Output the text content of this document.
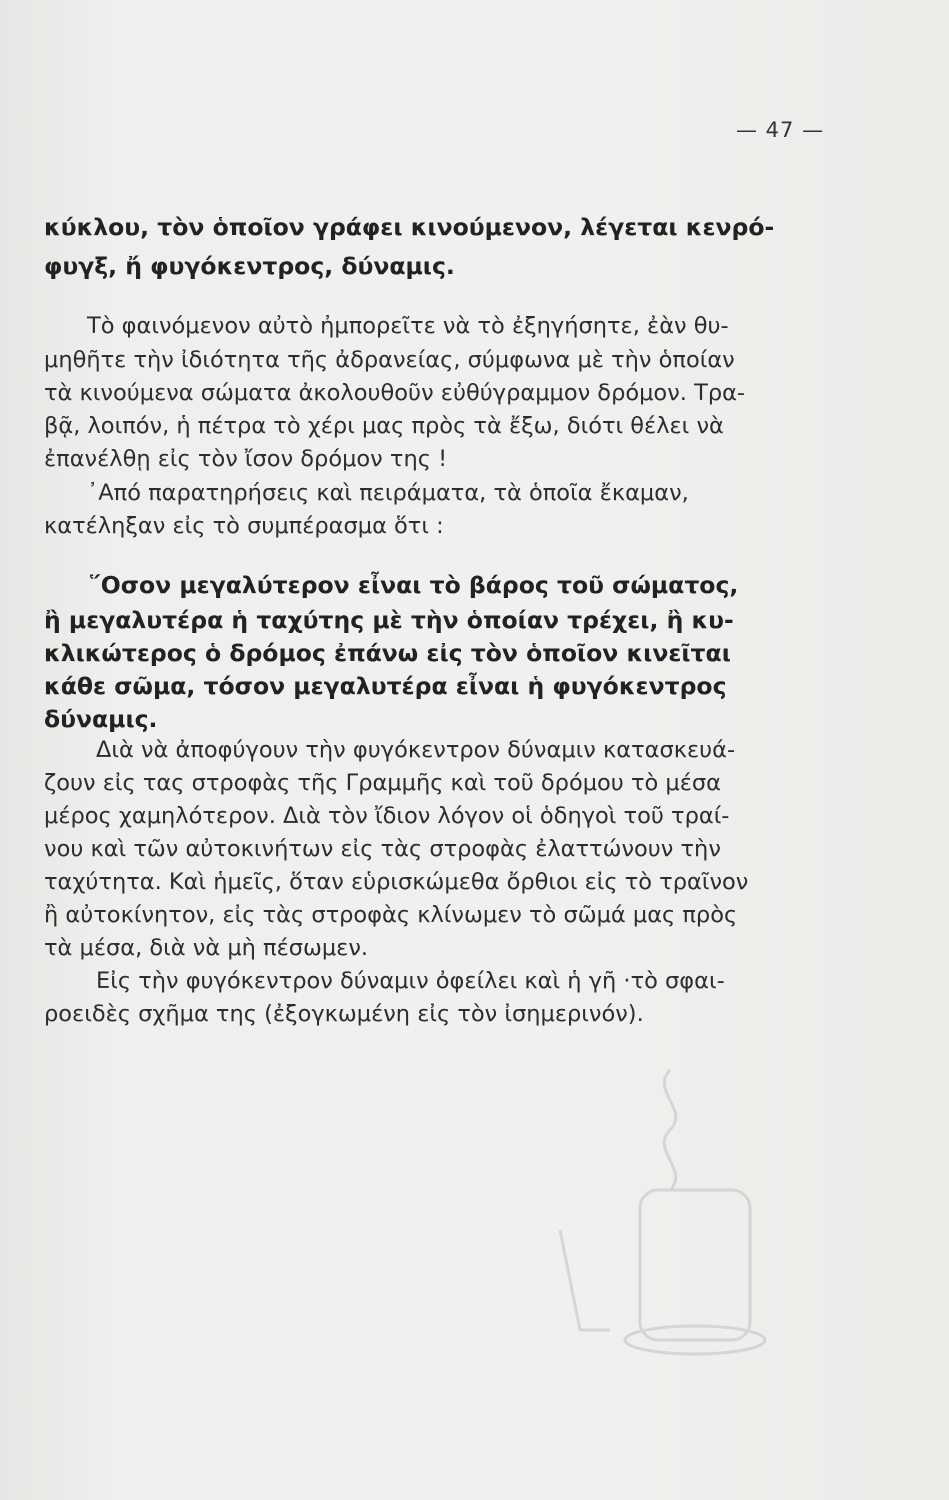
— 47 —
κύκλου, τὸν ὁποῖον γράφει κινούμενον, λέγεται κενρό-
φυγξ, ἤ φυγόκεντρος, δύναμις.
Τὸ φαινόμενον αὐτὸ ἠμπορεῖτε νὰ τὸ ἐξηγήσητε, ἐὰν θυ-
μηθῆτε τὴν ἰδιότητα τῆς ἀδρανείας, σύμφωνα μὲ τὴν ὁποίαν
τὰ κινούμενα σώματα ἀκολουθοῦν εὐθύγραμμον δρόμον. Τρα-
βᾷ, λοιπόν, ἡ πέτρα τὸ χέρι μας πρὸς τὰ ἔξω, διότι θέλει νὰ
ἐπανέλθῃ εἰς τὸν ἴσον δρόμον της !
᾿Από παρατηρήσεις καὶ πειράματα, τὰ ὁποῖα ἔκαμαν,
κατέληξαν εἰς τὸ συμπέρασμα ὅτι :
῞Οσον μεγαλύτερον εἶναι τὸ βάρος τοῦ σώματος,
ἢ μεγαλυτέρα ἡ ταχύτης μὲ τὴν ὁποίαν τρέχει, ἢ κυ-
κλικώτερος ὁ δρόμος ἐπάνω εἰς τὸν ὁποῖον κινεῖται
κάθε σῶμα, τόσον μεγαλυτέρα εἶναι ἡ φυγόκεντρος
δύναμις.
Διὰ νὰ ἀποφύγουν τὴν φυγόκεντρον δύναμιν κατασκευά-
ζουν εἰς τας στροφὰς τῆς Γραμμῆς καὶ τοῦ δρόμου τὸ μέσα
μέρος χαμηλότερον. Διὰ τὸν ἴδιον λόγον οἱ ὁδηγοὶ τοῦ τραί-
νου καὶ τῶν αὐτοκινήτων εἰς τὰς στροφὰς ἐλαττώνουν τὴν
ταχύτητα. Καὶ ἡμεῖς, ὅταν εὑρισκώμεθα ὄρθιοι εἰς τὸ τραῖνον
ἢ αὐτοκίνητον, εἰς τὰς στροφὰς κλίνωμεν τὸ σῶμά μας πρὸς
τὰ μέσα, διὰ νὰ μὴ πέσωμεν.
Εἰς τὴν φυγόκεντρον δύναμιν ὀφείλει καὶ ἡ γῆ ·τὸ σφαι-
ροειδὲς σχῆμα της (ἐξογκωμένη εἰς τὸν ἰσημερινόν).
